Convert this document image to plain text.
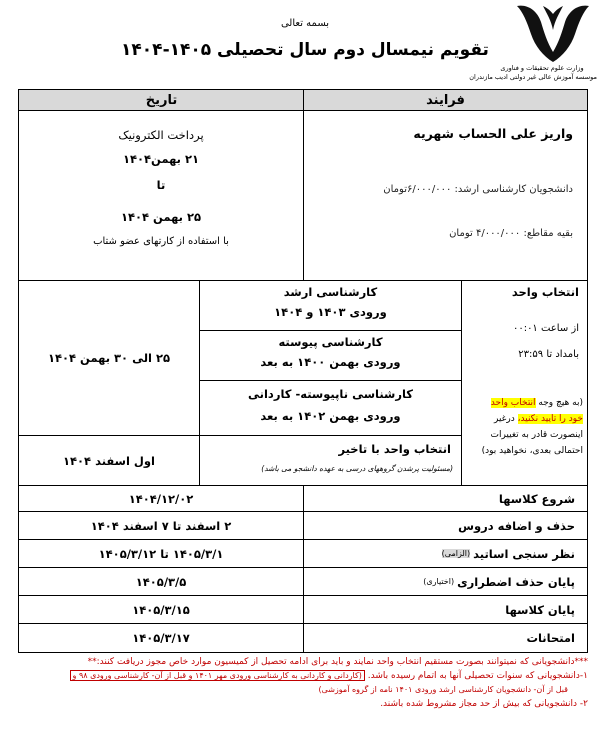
وزارت علوم تحقیقات و فناوری
موسسه آموزش عالی غیر دولتی ادیب مازندران
بسمه تعالی
تقویم نیمسال دوم سال تحصیلی ۱۴۰۵-۱۴۰۴
تاریخ	فرایند
واریز علی الحساب شهریه
دانشجویان کارشناسی ارشد: ۶/۰۰۰/۰۰۰تومان
بقیه مقاطع: ۴/۰۰۰/۰۰۰ تومان
پرداخت الکترونیک
۲۱ بهمن۱۴۰۴
تا
۲۵ بهمن ۱۴۰۴
با استفاده از کارتهای عضو شتاب
انتخاب واحد
از ساعت ۰۰:۰۱
بامداد تا ۲۳:۵۹
(به هیچ وجه انتخاب واحد
خود را تایید نکنید، درغیر
اینصورت قادر به تغییرات
احتمالی بعدی، نخواهید بود)
کارشناسی ارشد
ورودی ۱۴۰۳ و ۱۴۰۴
کارشناسی پیوسته
ورودی بهمن ۱۴۰۰ به بعد
کارشناسی ناپیوسته- کاردانی
ورودی بهمن ۱۴۰۲ به بعد
۲۵ الی ۳۰ بهمن ۱۴۰۴
انتخاب واحد با تاخیر
(مسئولیت پرشدن گروههای درسی به عهده دانشجو می باشد)
اول اسفند ۱۴۰۴
شروع کلاسها
۱۴۰۴/۱۲/۰۲
حذف و اضافه دروس
۲ اسفند تا ۷ اسفند ۱۴۰۴
نظر سنجی اساتید
(الزامی)
۱۴۰۵/۳/۱ تا ۱۴۰۵/۳/۱۲
پایان حذف اضطراری
(اختیاری)
۱۴۰۵/۳/۵
پایان کلاسها
۱۴۰۵/۳/۱۵
امتحانات
۱۴۰۵/۳/۱۷
***دانشجویانی که نمیتوانند بصورت مستقیم انتخاب واحد نمایند و باید برای ادامه تحصیل از کمیسیون موارد خاص مجوز دریافت کنند:**
۱-دانشجویانی که سنوات تحصیلی آنها به اتمام رسیده باشد. (کاردانی و کاردانی به کارشناسی ورودی مهر ۱۴۰۱ و قبل از آن- کارشناسی ورودی ۹۸ و
قبل از آن- دانشجویان کارشناسی ارشد ورودی ۱۴۰۱ نامه از گروه آموزشی)
۲- دانشجویانی که بیش از حد مجاز مشروط شده باشند.
